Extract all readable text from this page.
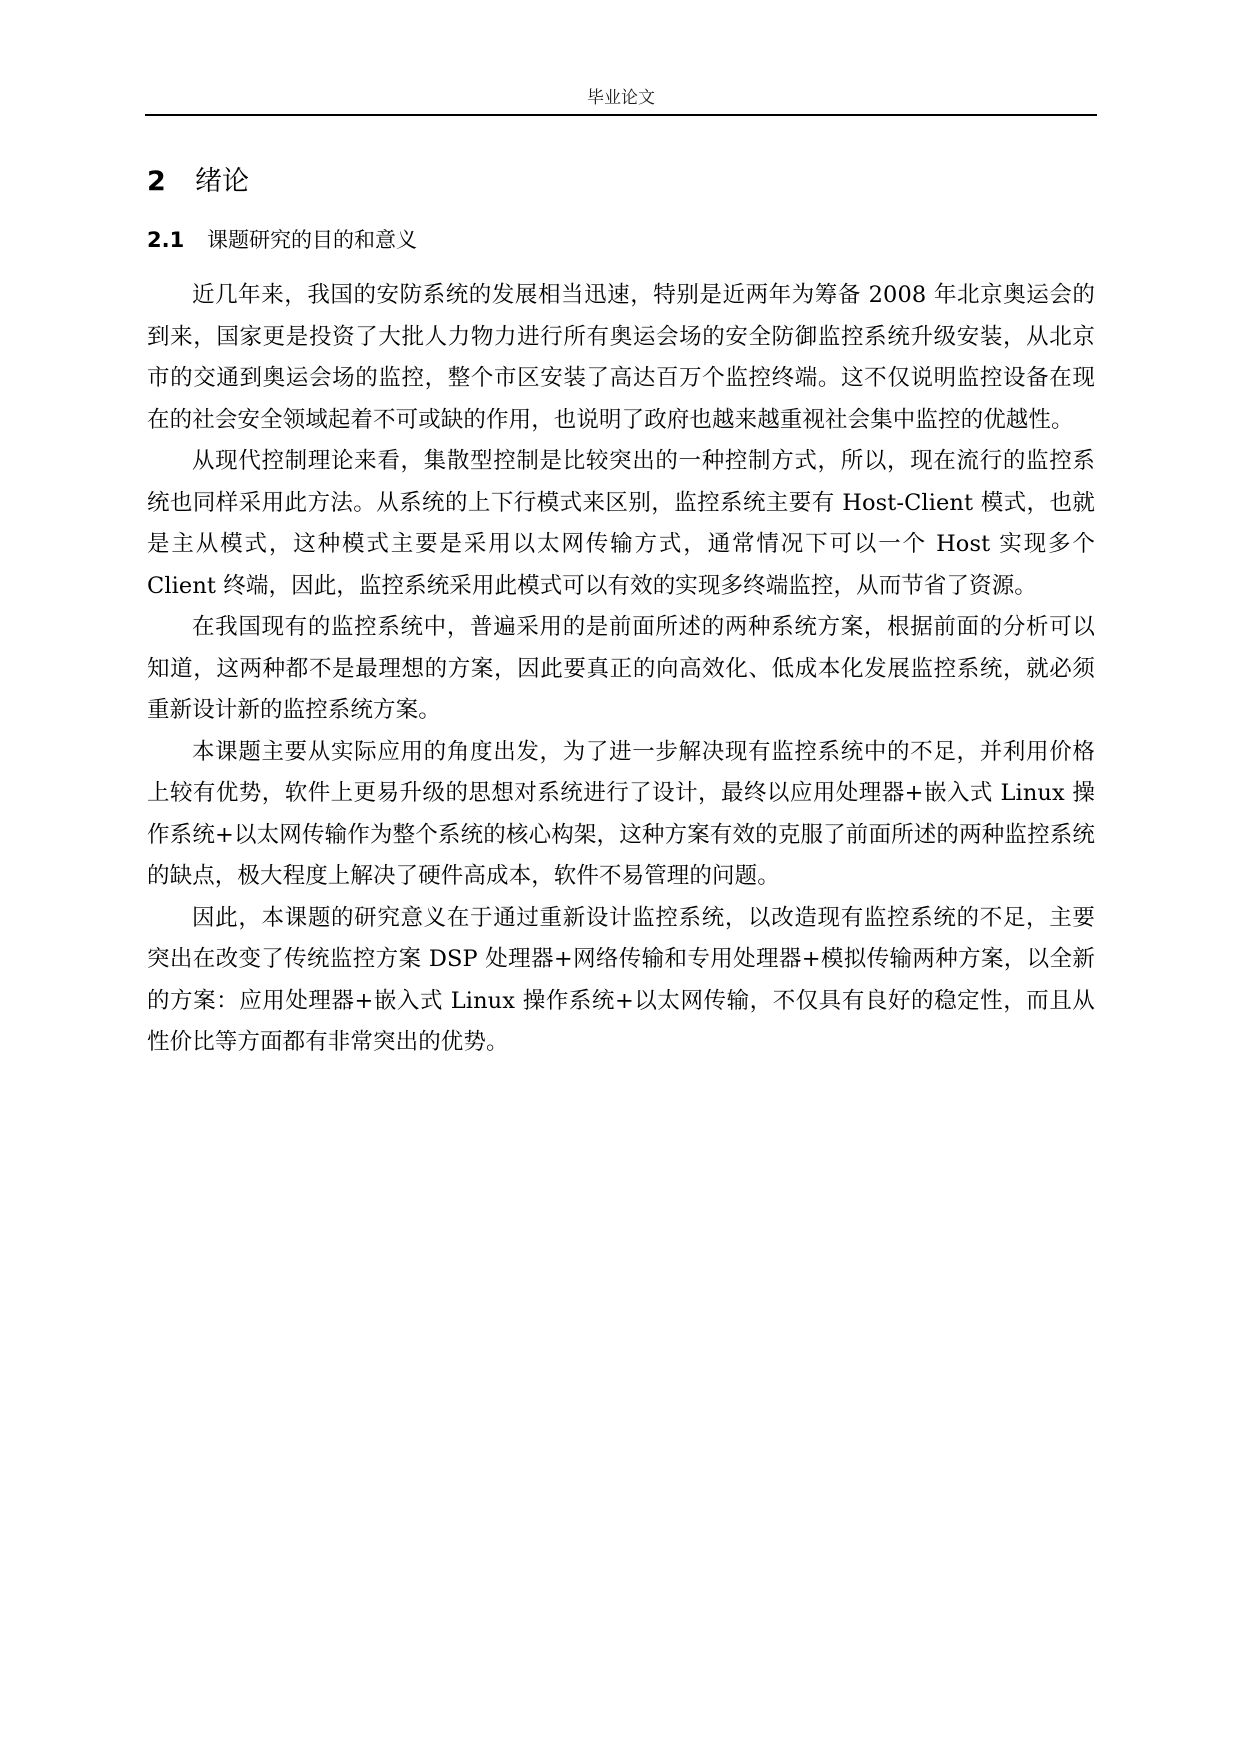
毕业论文
2 绪论
2.1 课题研究的目的和意义

近几年来，我国的安防系统的发展相当迅速，特别是近两年为筹备 2008 年北京奥运会的到来，国家更是投资了大批人力物力进行所有奥运会场的安全防御监控系统升级安装，从北京市的交通到奥运会场的监控，整个市区安装了高达百万个监控终端。这不仅说明监控设备在现在的社会安全领域起着不可或缺的作用，也说明了政府也越来越重视社会集中监控的优越性。

从现代控制理论来看，集散型控制是比较突出的一种控制方式，所以，现在流行的监控系统也同样采用此方法。从系统的上下行模式来区别，监控系统主要有 Host-Client 模式，也就是主从模式，这种模式主要是采用以太网传输方式，通常情况下可以一个 Host 实现多个 Client 终端，因此，监控系统采用此模式可以有效的实现多终端监控，从而节省了资源。

在我国现有的监控系统中，普遍采用的是前面所述的两种系统方案，根据前面的分析可以知道，这两种都不是最理想的方案，因此要真正的向高效化、低成本化发展监控系统，就必须重新设计新的监控系统方案。

本课题主要从实际应用的角度出发，为了进一步解决现有监控系统中的不足，并利用价格上较有优势，软件上更易升级的思想对系统进行了设计，最终以应用处理器+嵌入式 Linux 操作系统+以太网传输作为整个系统的核心构架，这种方案有效的克服了前面所述的两种监控系统的缺点，极大程度上解决了硬件高成本，软件不易管理的问题。

因此，本课题的研究意义在于通过重新设计监控系统，以改造现有监控系统的不足，主要突出在改变了传统监控方案 DSP 处理器+网络传输和专用处理器+模拟传输两种方案，以全新的方案：应用处理器+嵌入式 Linux 操作系统+以太网传输，不仅具有良好的稳定性，而且从性价比等方面都有非常突出的优势。
